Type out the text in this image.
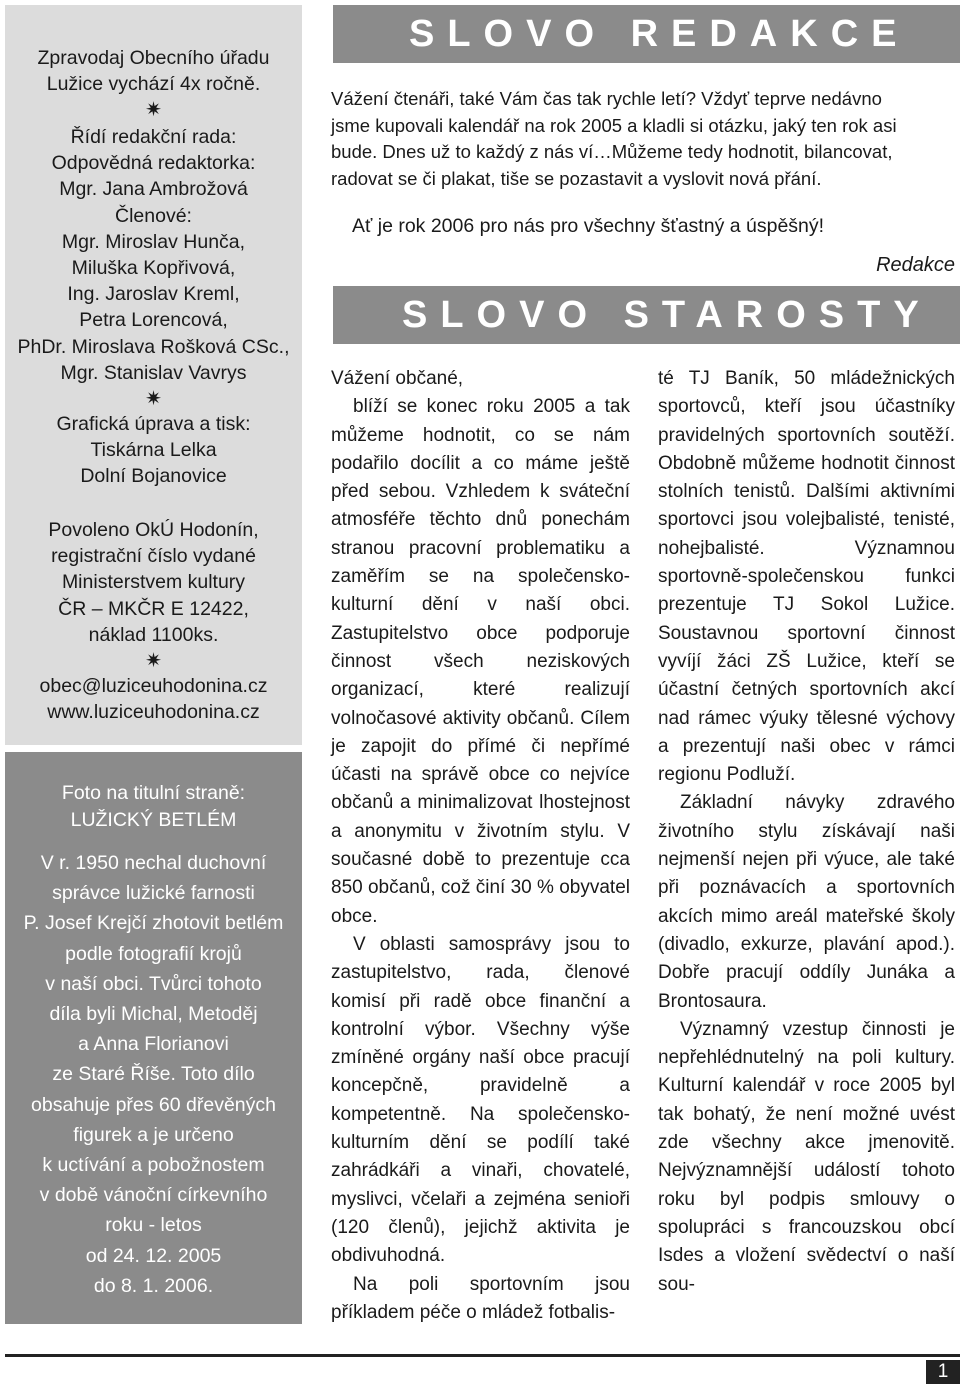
Zpravodaj Obecního úřadu
Lužice vychází 4x ročně.
✷
Řídí redakční rada:
Odpovědná redaktorka:
Mgr. Jana Ambrožová
Členové:
Mgr. Miroslav Hunča,
Miluška Kopřivová,
Ing. Jaroslav Kreml,
Petra Lorencová,
PhDr. Miroslava Rošková CSc.,
Mgr. Stanislav Vavrys
✷
Grafická úprava a tisk:
Tiskárna Lelka
Dolní Bojanovice
Povoleno OkÚ Hodonín,
registrační číslo vydané
Ministerstvem kultury
ČR – MKČR E 12422,
náklad 1100ks.
✷
obec@luziceuhodonina.cz
www.luziceuhodonina.cz
Foto na titulní straně:
LUŽICKÝ BETLÉM
V r. 1950 nechal duchovní
správce lužické farnosti
P. Josef Krejčí zhotovit betlém
podle fotografií krojů
v naší obci. Tvůrci tohoto
díla byli Michal, Metoděj
a Anna Florianovi
ze Staré Říše. Toto dílo
obsahuje přes 60 dřevěných
figurek a je určeno
k uctívání a pobožnostem
v době vánoční církevního
roku - letos
od 24. 12. 2005
do 8. 1. 2006.
SLOVO REDAKCE
Vážení čtenáři, také Vám čas tak rychle letí? Vždyť teprve nedávno
jsme kupovali kalendář na rok 2005 a kladli si otázku, jaký ten rok asi
bude. Dnes už to každý z nás ví…Můžeme tedy hodnotit, bilancovat,
radovat se či plakat, tiše se pozastavit a vyslovit nová přání.
Ať je rok 2006 pro nás pro všechny šťastný a úspěšný!
Redakce
SLOVO STAROSTY

Vážení občané,

blíží se konec roku 2005 a tak můžeme hodnotit, co se nám podařilo docílit a co máme ještě před sebou. Vzhledem k sváteční atmosféře těchto dnů ponechám stranou pracovní problematiku a zaměřím se na společensko-kulturní dění v naší obci. Zastupitelstvo obce podporuje činnost všech neziskových organizací, které realizují volnočasové aktivity občanů. Cílem je zapojit do přímé či nepřímé účasti na správě obce co nejvíce občanů a minimalizovat lhostejnost a anonymitu v životním stylu. V současné době to prezentuje cca 850 občanů, což činí 30 % obyvatel obce.

V oblasti samosprávy jsou to zastupitelstvo, rada, členové komisí při radě obce finanční a kontrolní výbor. Všechny výše zmíněné orgány naší obce pracují koncepčně, pravidelně a kompetentně. Na společensko-kulturním dění se podílí také zahrádkáři a vinaři, chovatelé, myslivci, včelaři a zejména senioři (120 členů), jejichž aktivita je obdivuhodná.

Na poli sportovním jsou příkladem péče o mládež fotbalis-

té TJ Baník, 50 mládežnických sportovců, kteří jsou účastníky pravidelných sportovních soutěží. Obdobně můžeme hodnotit činnost stolních tenistů. Dalšími aktivními sportovci jsou volejbalisté, tenisté, nohejbalisté. Významnou sportovně-společenskou funkci prezentuje TJ Sokol Lužice. Soustavnou sportovní činnost vyvíjí žáci ZŠ Lužice, kteří se účastní četných sportovních akcí nad rámec výuky tělesné výchovy a prezentují naši obec v rámci regionu Podluží.

Základní návyky zdravého životního stylu získávají naši nejmenší nejen při výuce, ale také při poznávacích a sportovních akcích mimo areál mateřské školy (divadlo, exkurze, plavání apod.). Dobře pracují oddíly Junáka a Brontosaura.

Významný vzestup činnosti je nepřehlédnutelný na poli kultury. Kulturní kalendář v roce 2005 byl tak bohatý, že není možné uvést zde všechny akce jmenovitě. Nejvýznamnější událostí tohoto roku byl podpis smlouvy o spolupráci s francouzskou obcí Isdes a vložení svědectví o naší sou-

1
